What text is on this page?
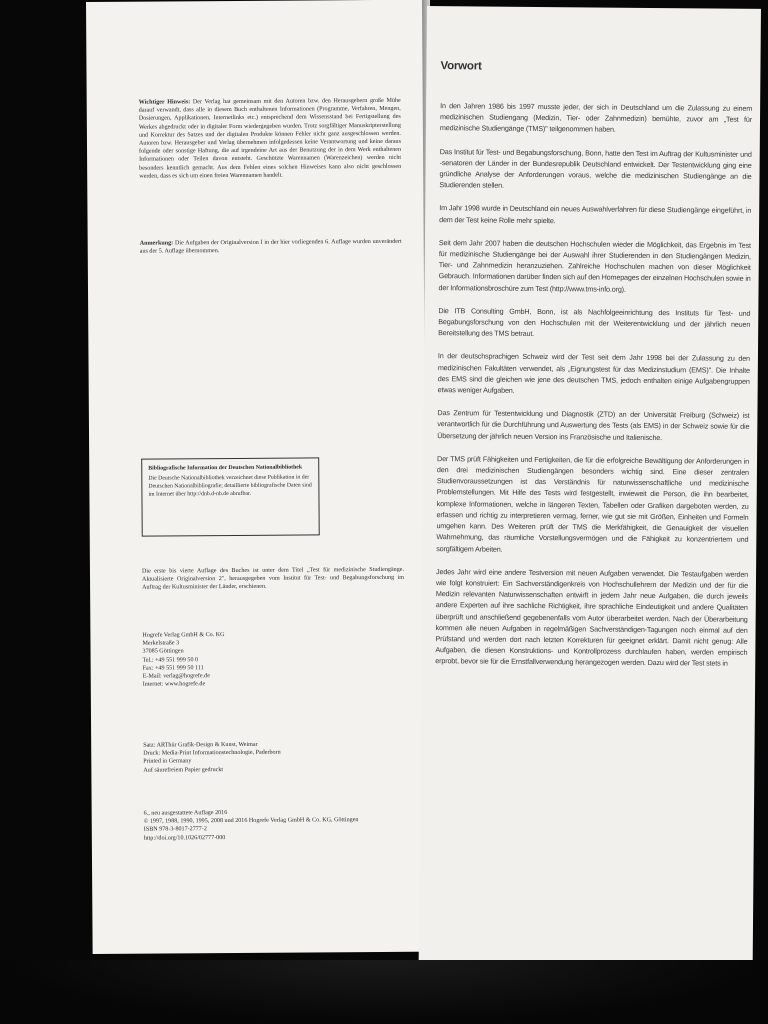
Wichtiger Hinweis: Der Verlag hat gemeinsam mit den Autoren bzw. den Herausgebern große Mühe darauf verwandt, dass alle in diesem Buch enthaltenen Informationen (Programme, Verfahren, Mengen, Dosierungen, Applikationen, Internetlinks etc.) entsprechend dem Wissensstand bei Fertigstellung des Werkes abgedruckt oder in digitaler Form wiedergegeben wurden. Trotz sorgfältiger Manuskripterstellung und Korrektur des Satzes und der digitalen Produkte können Fehler nicht ganz ausgeschlossen werden. Autoren bzw. Herausgeber und Verlag übernehmen infolgedessen keine Verantwortung und keine daraus folgende oder sonstige Haftung, die auf irgendeine Art aus der Benutzung der in dem Werk enthaltenen Informationen oder Teilen davon entsteht. Geschützte Warennamen (Warenzeichen) werden nicht besonders kenntlich gemacht. Aus dem Fehlen eines solchen Hinweises kann also nicht geschlossen werden, dass es sich um einen freien Warennamen handelt.
Anmerkung: Die Aufgaben der Originalversion I in der hier vorliegenden 6. Auflage wurden unverändert aus der 5. Auflage übernommen.
Bibliografische Information der Deutschen Nationalbibliothek
Die Deutsche Nationalbibliothek verzeichnet diese Publikation in der Deutschen Nationalbibliografie; detaillierte bibliografische Daten sind im Internet über http://dnb.d-nb.de abrufbar.
Die erste bis vierte Auflage des Buches ist unter dem Titel „Test für medizinische Studiengänge. Aktualisierte Originalversion 2", herausgegeben vom Institut für Test- und Begabungsforschung im Auftrag der Kultusminister der Länder, erschienen.
Hogrefe Verlag GmbH & Co. KG
Merkelstraße 3
37085 Göttingen
Tel.: +49 551 999 50 0
Fax: +49 551 999 50 111
E-Mail: verlag@hogrefe.de
Internet: www.hogrefe.de
Satz: ARThür Grafik-Design & Kunst, Weimar
Druck: Media-Print Informationstechnologie, Paderborn
Printed in Germany
Auf säurefreiem Papier gedruckt
6., neu ausgestattete Auflage 2016
© 1997, 1988, 1990, 1995, 2008 und 2016 Hogrefe Verlag GmbH & Co. KG, Göttingen
ISBN 978-3-8017-2777-2
http://doi.org/10.1026/02777-000
Vorwort

In den Jahren 1986 bis 1997 musste jeder, der sich in Deutschland um die Zulassung zu einem medizinischen Studiengang (Medizin, Tier- oder Zahnmedizin) bemühte, zuvor am „Test für medizinische Studiengänge (TMS)" teilgenommen haben.

Das Institut für Test- und Begabungsforschung, Bonn, hatte den Test im Auftrag der Kultusminister und -senatoren der Länder in der Bundesrepublik Deutschland entwickelt. Der Testentwicklung ging eine gründliche Analyse der Anforderungen voraus, welche die medizinischen Studiengänge an die Studierenden stellen.

Im Jahr 1998 wurde in Deutschland ein neues Auswahlverfahren für diese Studiengänge eingeführt, in dem der Test keine Rolle mehr spielte.

Seit dem Jahr 2007 haben die deutschen Hochschulen wieder die Möglichkeit, das Ergebnis im Test für medizinische Studiengänge bei der Auswahl ihrer Studierenden in den Studiengängen Medizin, Tier- und Zahnmedizin heranzuziehen. Zahlreiche Hochschulen machen von dieser Möglichkeit Gebrauch. Informationen darüber finden sich auf den Homepages der einzelnen Hochschulen sowie in der Informationsbroschüre zum Test (http://www.tms-info.org).

Die ITB Consulting GmbH, Bonn, ist als Nachfolgeeinrichtung des Instituts für Test- und Begabungsforschung von den Hochschulen mit der Weiterentwicklung und der jährlich neuen Bereitstellung des TMS betraut.

In der deutschsprachigen Schweiz wird der Test seit dem Jahr 1998 bei der Zulassung zu den medizinischen Fakultäten verwendet, als „Eignungstest für das Medizinstudium (EMS)". Die Inhalte des EMS sind die gleichen wie jene des deutschen TMS, jedoch enthalten einige Aufgabengruppen etwas weniger Aufgaben.

Das Zentrum für Testentwicklung und Diagnostik (ZTD) an der Universität Freiburg (Schweiz) ist verantwortlich für die Durchführung und Auswertung des Tests (als EMS) in der Schweiz sowie für die Übersetzung der jährlich neuen Version ins Französische und Italienische.

Der TMS prüft Fähigkeiten und Fertigkeiten, die für die erfolgreiche Bewältigung der Anforderungen in den drei medizinischen Studiengängen besonders wichtig sind. Eine dieser zentralen Studienvoraussetzungen ist das Verständnis für naturwissenschaftliche und medizinische Problemstellungen. Mit Hilfe des Tests wird festgestellt, inwieweit die Person, die ihn bearbeitet, komplexe Informationen, welche in längeren Texten, Tabellen oder Grafiken dargeboten werden, zu erfassen und richtig zu interpretieren vermag, ferner, wie gut sie mit Größen, Einheiten und Formeln umgehen kann. Des Weiteren prüft der TMS die Merkfähigkeit, die Genauigkeit der visuellen Wahrnehmung, das räumliche Vorstellungsvermögen und die Fähigkeit zu konzentriertem und sorgfältigem Arbeiten.

Jedes Jahr wird eine andere Testversion mit neuen Aufgaben verwendet. Die Testaufgaben werden wie folgt konstruiert: Ein Sachverständigenkreis von Hochschullehrern der Medizin und der für die Medizin relevanten Naturwissenschaften entwirft in jedem Jahr neue Aufgaben, die durch jeweils andere Experten auf ihre sachliche Richtigkeit, ihre sprachliche Eindeutigkeit und andere Qualitäten überprüft und anschließend gegebenenfalls vom Autor überarbeitet werden. Nach der Überarbeitung kommen alle neuen Aufgaben in regelmäßigen Sachverständigen-Tagungen noch einmal auf den Prüfstand und werden dort nach letzten Korrekturen für geeignet erklärt. Damit nicht genug: Alle Aufgaben, die diesen Konstruktions- und Kontrollprozess durchlaufen haben, werden empirisch erprobt, bevor sie für die Ernstfallverwendung herangezogen werden. Dazu wird der Test stets in
